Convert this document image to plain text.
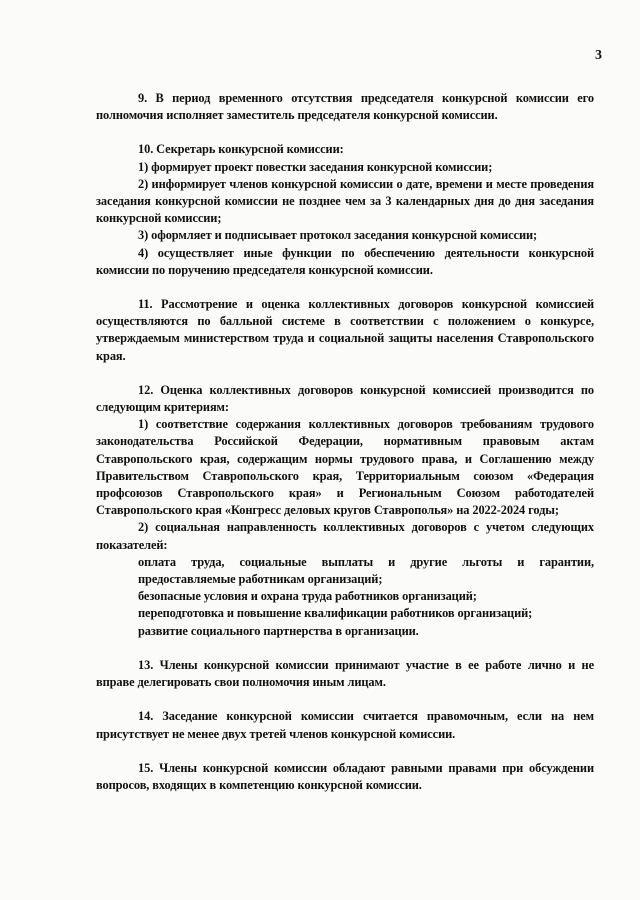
3

9. В период временного отсутствия председателя конкурсной комиссии его полномочия исполняет заместитель председателя конкурсной комиссии.

10. Секретарь конкурсной комиссии:

1) формирует проект повестки заседания конкурсной комиссии;

2) информирует членов конкурсной комиссии о дате, времени и месте проведения заседания конкурсной комиссии не позднее чем за 3 календарных дня до дня заседания конкурсной комиссии;

3) оформляет и подписывает протокол заседания конкурсной комиссии;

4) осуществляет иные функции по обеспечению деятельности конкурсной комиссии по поручению председателя конкурсной комиссии.

11. Рассмотрение и оценка коллективных договоров конкурсной комиссией осуществляются по балльной системе в соответствии с положением о конкурсе, утверждаемым министерством труда и социальной защиты населения Ставропольского края.

12. Оценка коллективных договоров конкурсной комиссией производится по следующим критериям:

1) соответствие содержания коллективных договоров требованиям трудового законодательства Российской Федерации, нормативным правовым актам Ставропольского края, содержащим нормы трудового права, и Соглашению между Правительством Ставропольского края, Территориальным союзом «Федерация профсоюзов Ставропольского края» и Региональным Союзом работодателей Ставропольского края «Конгресс деловых кругов Ставрополья» на 2022-2024 годы;

2) социальная направленность коллективных договоров с учетом следующих показателей:

оплата труда, социальные выплаты и другие льготы и гарантии, предоставляемые работникам организаций;

безопасные условия и охрана труда работников организаций;

переподготовка и повышение квалификации работников организаций;

развитие социального партнерства в организации.

13. Члены конкурсной комиссии принимают участие в ее работе лично и не вправе делегировать свои полномочия иным лицам.

14. Заседание конкурсной комиссии считается правомочным, если на нем присутствует не менее двух третей членов конкурсной комиссии.

15. Члены конкурсной комиссии обладают равными правами при обсуждении вопросов, входящих в компетенцию конкурсной комиссии.
